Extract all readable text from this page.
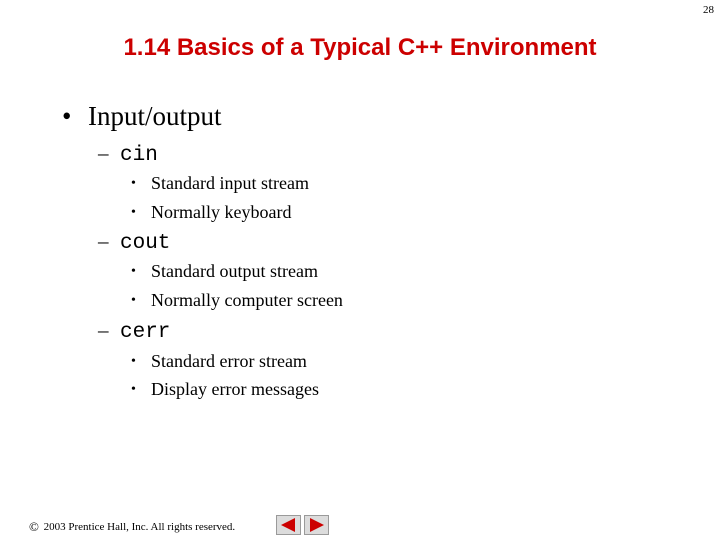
28
1.14 Basics of a Typical C++ Environment
• Input/output
– cin
• Standard input stream
• Normally keyboard
– cout
• Standard output stream
• Normally computer screen
– cerr
• Standard error stream
• Display error messages
© 2003 Prentice Hall, Inc. All rights reserved.
